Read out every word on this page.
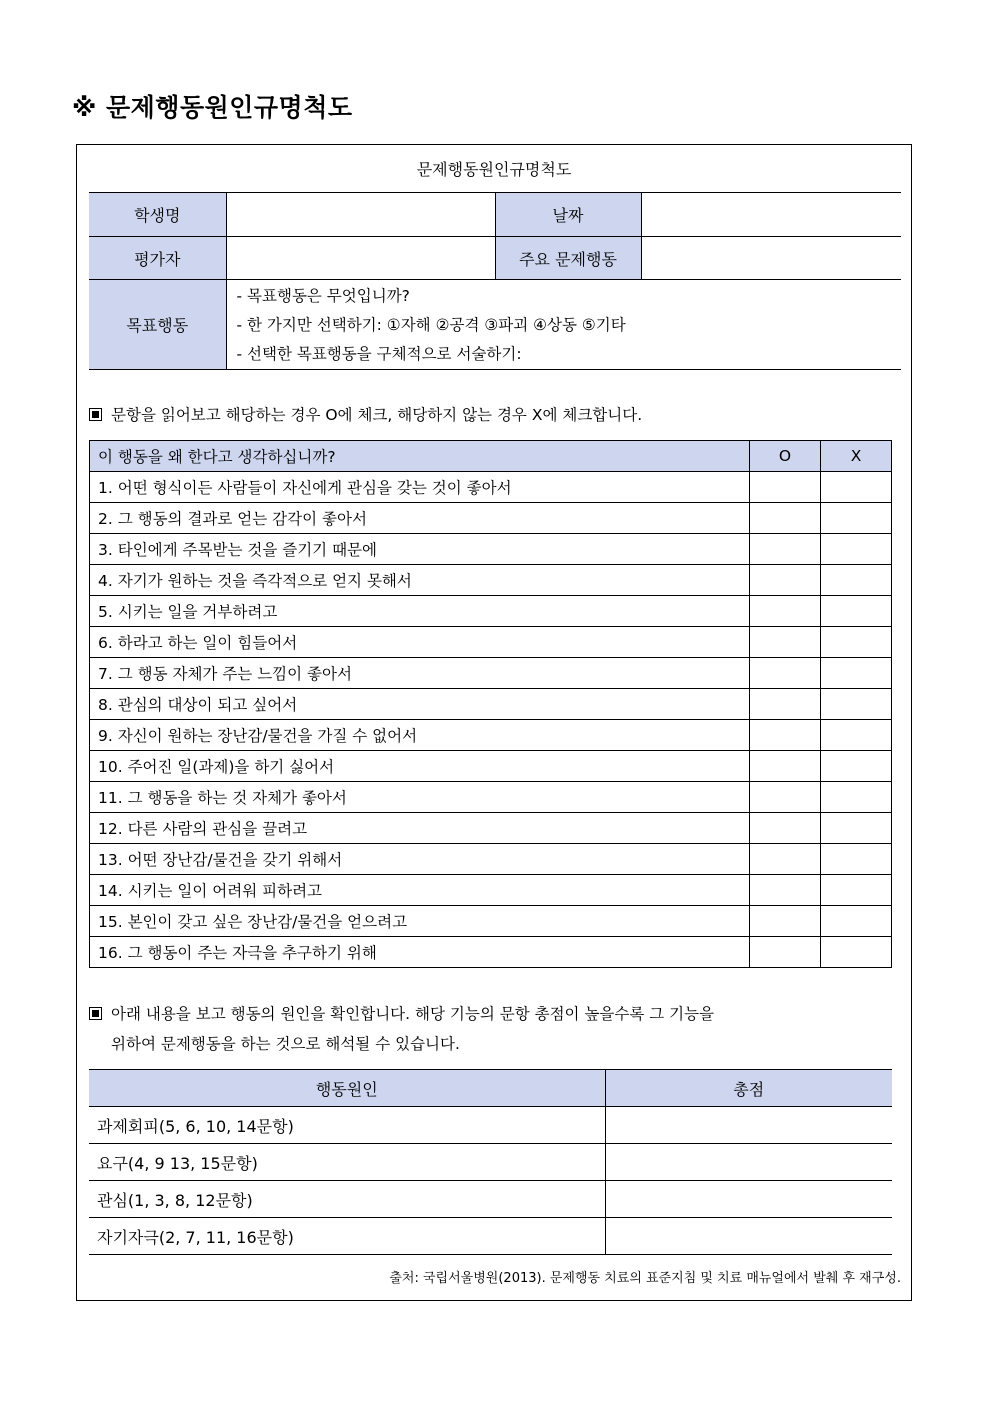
※ 문제행동원인규명척도
문제행동원인규명척도
학생명		날짜	
평가자		주요 문제행동	
목표행동	- 목표행동은 무엇입니까?
- 한 가지만 선택하기: ①자해 ②공격 ③파괴 ④상동 ⑤기타
- 선택한 목표행동을 구체적으로 서술하기:		
문항을 읽어보고 해당하는 경우 O에 체크, 해당하지 않는 경우 X에 체크합니다.
이 행동을 왜 한다고 생각하십니까?	O	X
1. 어떤 형식이든 사람들이 자신에게 관심을 갖는 것이 좋아서		
2. 그 행동의 결과로 얻는 감각이 좋아서		
3. 타인에게 주목받는 것을 즐기기 때문에		
4. 자기가 원하는 것을 즉각적으로 얻지 못해서		
5. 시키는 일을 거부하려고		
6. 하라고 하는 일이 힘들어서		
7. 그 행동 자체가 주는 느낌이 좋아서		
8. 관심의 대상이 되고 싶어서		
9. 자신이 원하는 장난감/물건을 가질 수 없어서		
10. 주어진 일(과제)을 하기 싫어서		
11. 그 행동을 하는 것 자체가 좋아서		
12. 다른 사람의 관심을 끌려고		
13. 어떤 장난감/물건을 갖기 위해서		
14. 시키는 일이 어려워 피하려고		
15. 본인이 갖고 싶은 장난감/물건을 얻으려고		
16. 그 행동이 주는 자극을 추구하기 위해		
아래 내용을 보고 행동의 원인을 확인합니다. 해당 기능의 문항 총점이 높을수록 그 기능을
위하여 문제행동을 하는 것으로 해석될 수 있습니다.
행동원인	총점
과제회피(5, 6, 10, 14문항)	
요구(4, 9 13, 15문항)	
관심(1, 3, 8, 12문항)	
자기자극(2, 7, 11, 16문항)	
출처: 국립서울병원(2013). 문제행동 치료의 표준지침 및 치료 매뉴얼에서 발췌 후 재구성.
